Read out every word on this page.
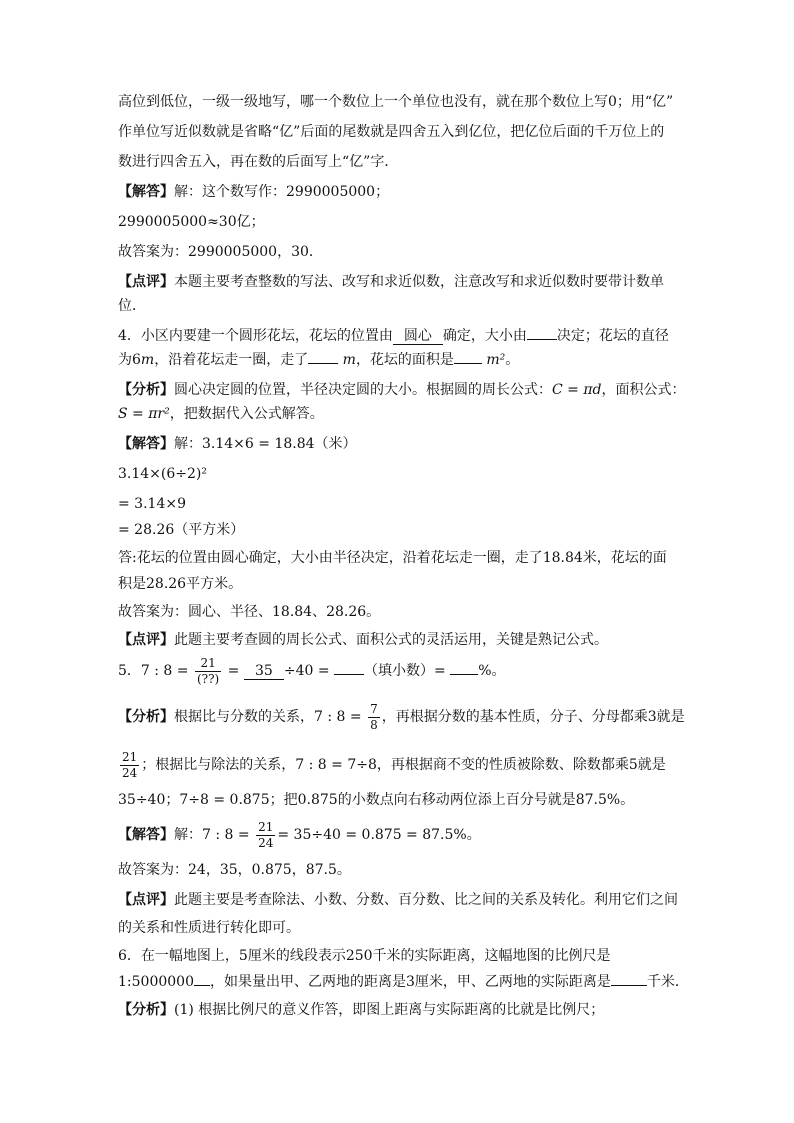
高位到低位，一级一级地写，哪一个数位上一个单位也没有，就在那个数位上写0；用“亿”
作单位写近似数就是省略“亿”后面的尾数就是四舍五入到亿位，把亿位后面的千万位上的
数进行四舍五入，再在数的后面写上“亿”字．
【解答】解：这个数写作：2990005000；
2990005000≈30亿；
故答案为：2990005000，30．
【点评】本题主要考查整数的写法、改写和求近似数，注意改写和求近似数时要带计数单
位．
4．小区内要建一个圆形花坛，花坛的位置由 圆心 确定，大小由 决定；花坛的直径
为6m，沿着花坛走一圈，走了 m，花坛的面积是 m²。
【分析】圆心决定圆的位置，半径决定圆的大小。根据圆的周长公式：C = πd，面积公式：
S = πr²，把数据代入公式解答。
【解答】解：3.14×6 = 18.84（米）
3.14×(6÷2)²
= 3.14×9
= 28.26（平方米）
答:花坛的位置由圆心确定，大小由半径决定，沿着花坛走一圈，走了18.84米，花坛的面
积是28.26平方米。
故答案为：圆心、半径、18.84、28.26。
【点评】此题主要考查圆的周长公式、面积公式的灵活运用，关键是熟记公式。
5．7 : $8 = \frac{21}{(??)} = 35 \div 40$ = （填小数）= %。
【分析】根据比与分数的关系，7 : $8 = \frac{7}{8}$ ，再根据分数的基本性质，分子、分母都乘3就是
$\frac{21}{24}$ ；根据比与除法的关系，7 : 8 = 7÷8，再根据商不变的性质被除数、除数都乘5就是
35÷40；7÷8 = 0.875；把0.875的小数点向右移动两位添上百分号就是87.5%。
【解答】解：7 : $8 = \frac{21}{24} = 35\div 40 = 0.875 = 87.5\%$。
故答案为：24，35，0.875，87.5。
【点评】此题主要是考查除法、小数、分数、百分数、比之间的关系及转化。利用它们之间
的关系和性质进行转化即可。
6．在一幅地图上，5厘米的线段表示250千米的实际距离，这幅地图的比例尺是
1:5000000 ，如果量出甲、乙两地的距离是3厘米，甲、乙两地的实际距离是	千米．
【分析】(1) 根据比例尺的意义作答，即图上距离与实际距离的比就是比例尺；
